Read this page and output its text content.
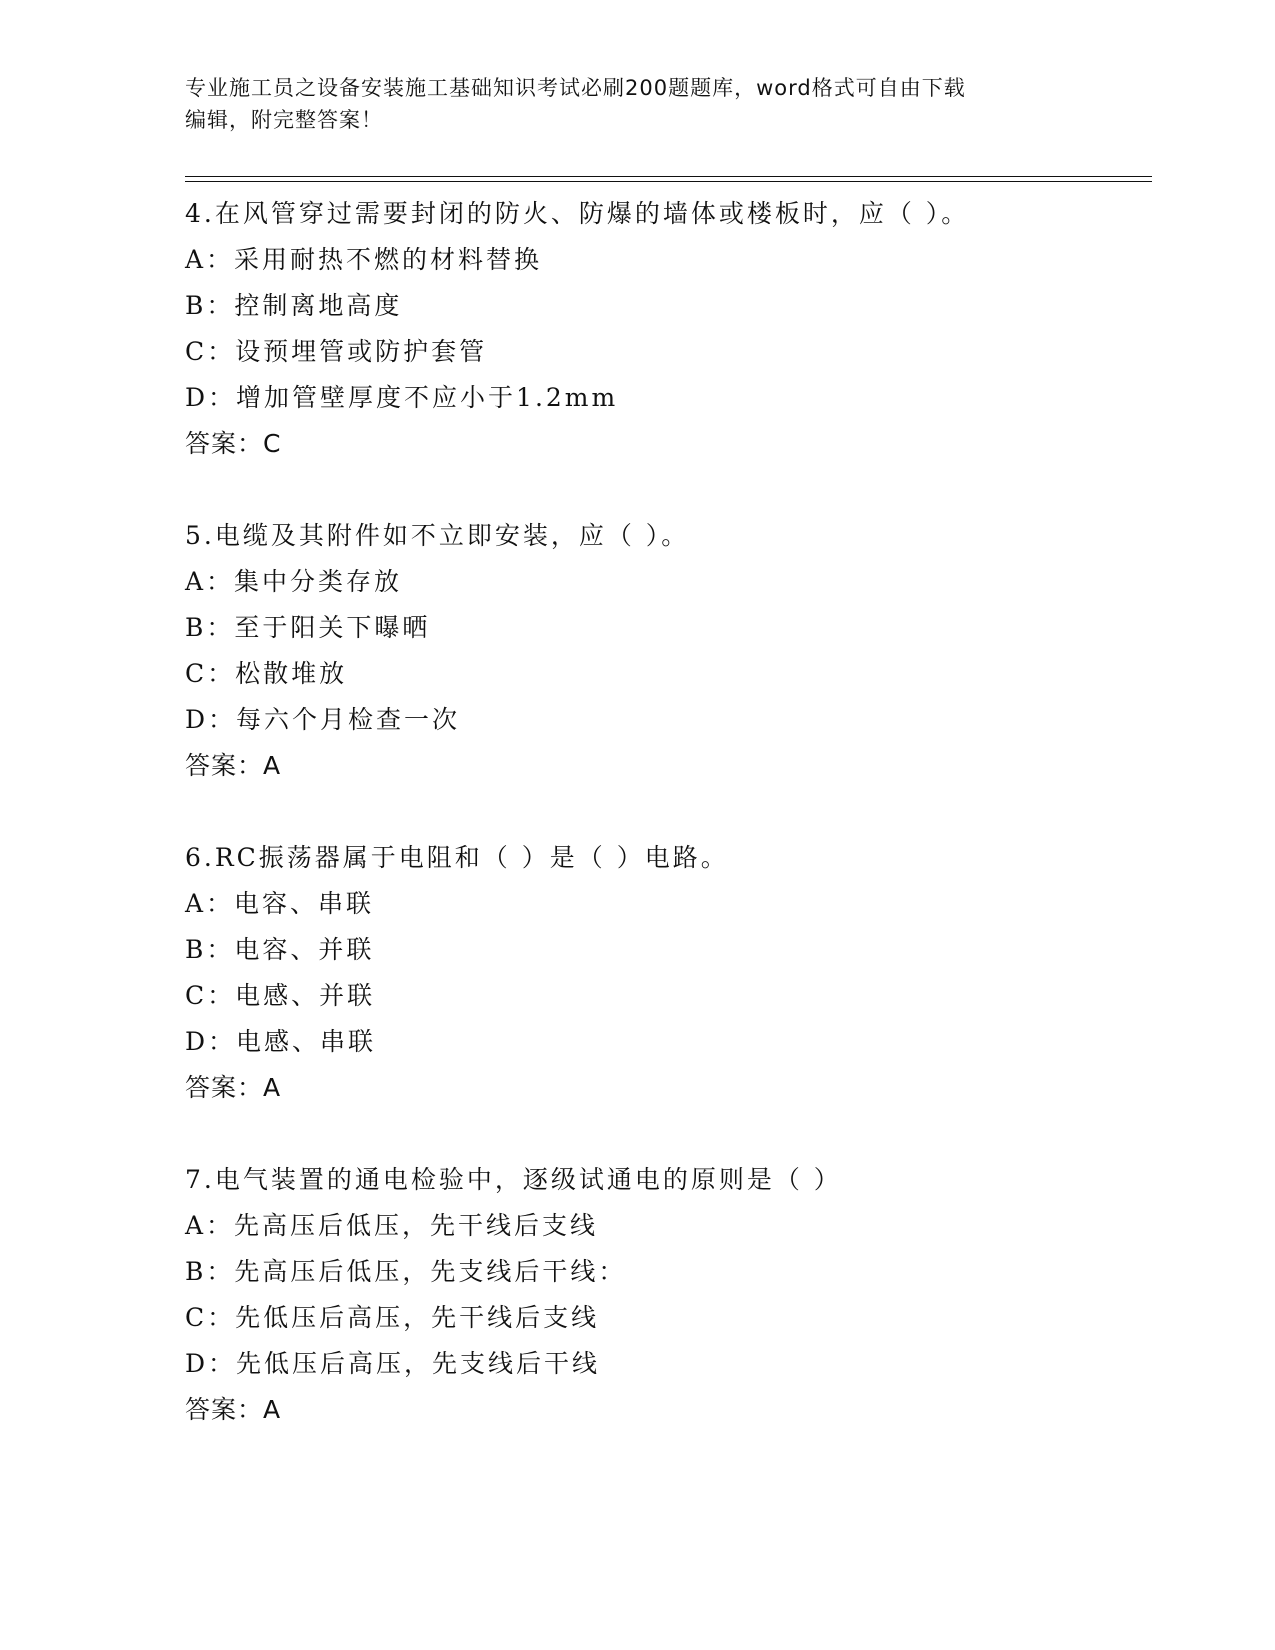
专业施工员之设备安装施工基础知识考试必刷200题题库，word格式可自由下载
编辑，附完整答案！
4.在风管穿过需要封闭的防火、防爆的墙体或楼板时，应（ ）。
A：采用耐热不燃的材料替换
B：控制离地高度
C：设预埋管或防护套管
D：增加管壁厚度不应小于1.2mm
答案：C
5.电缆及其附件如不立即安装，应（ ）。
A：集中分类存放
B：至于阳关下曝晒
C：松散堆放
D：每六个月检查一次
答案：A
6.RC振荡器属于电阻和（ ）是（ ）电路。
A：电容、串联
B：电容、并联
C：电感、并联
D：电感、串联
答案：A
7.电气装置的通电检验中，逐级试通电的原则是（ ）
A：先高压后低压，先干线后支线
B：先高压后低压，先支线后干线：
C：先低压后高压，先干线后支线
D：先低压后高压，先支线后干线
答案：A
